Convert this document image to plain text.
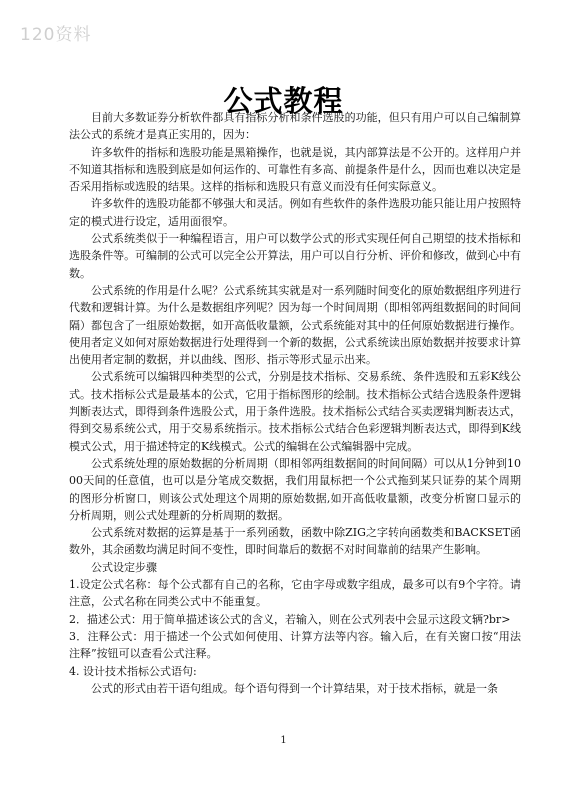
120资料
公式教程

目前大多数证券分析软件都具有指标分析和条件选股的功能，但只有用户可以自己编制算法公式的系统才是真正实用的，因为：

许多软件的指标和选股功能是黑箱操作，也就是说，其内部算法是不公开的。这样用户并不知道其指标和选股到底是如何运作的、可靠性有多高、前提条件是什么，因而也难以决定是否采用指标或选股的结果。这样的指标和选股只有意义而没有任何实际意义。

许多软件的选股功能都不够强大和灵活。例如有些软件的条件选股功能只能让用户按照特定的模式进行设定，适用面很窄。

公式系统类似于一种编程语言，用户可以数学公式的形式实现任何自己期望的技术指标和选股条件等。可编制的公式可以完全公开算法，用户可以自行分析、评价和修改，做到心中有数。

公式系统的作用是什么呢？公式系统其实就是对一系列随时间变化的原始数据组序列进行代数和逻辑计算。为什么是数据组序列呢？因为每一个时间周期（即相邻两组数据间的时间间隔）都包含了一组原始数据，如开高低收量额，公式系统能对其中的任何原始数据进行操作。使用者定义如何对原始数据进行处理得到一个新的数据，公式系统读出原始数据并按要求计算出使用者定制的数据，并以曲线、图形、指示等形式显示出来。

公式系统可以编辑四种类型的公式，分别是技术指标、交易系统、条件选股和五彩K线公式。技术指标公式是最基本的公式，它用于指标图形的绘制。技术指标公式结合选股条件逻辑判断表达式，即得到条件选股公式，用于条件选股。技术指标公式结合买卖逻辑判断表达式，得到交易系统公式，用于交易系统指示。技术指标公式结合色彩逻辑判断表达式，即得到K线模式公式，用于描述特定的K线模式。公式的编辑在公式编辑器中完成。

公式系统处理的原始数据的分析周期（即相邻两组数据间的时间间隔）可以从1分钟到1000天间的任意值，也可以是分笔成交数据，我们用鼠标把一个公式拖到某只证券的某个周期的图形分析窗口，则该公式处理这个周期的原始数据,如开高低收量额，改变分析窗口显示的分析周期，则公式处理新的分析周期的数据。

公式系统对数据的运算是基于一系列函数，函数中除ZIG之字转向函数类和BACKSET函数外，其余函数均满足时间不变性，即时间靠后的数据不对时间靠前的结果产生影响。

公式设定步骤

1.设定公式名称：每个公式都有自己的名称，它由字母或数字组成，最多可以有9个字符。请注意，公式名称在同类公式中不能重复。

2．描述公式：用于简单描述该公式的含义，若输入，则在公式列表中会显示这段文辆?br>

3．注释公式：用于描述一个公式如何使用、计算方法等内容。输入后，在有关窗口按“用法注释”按钮可以查看公式注释。

4. 设计技术指标公式语句:

公式的形式由若干语句组成。每个语句得到一个计算结果，对于技术指标，就是一条

1
